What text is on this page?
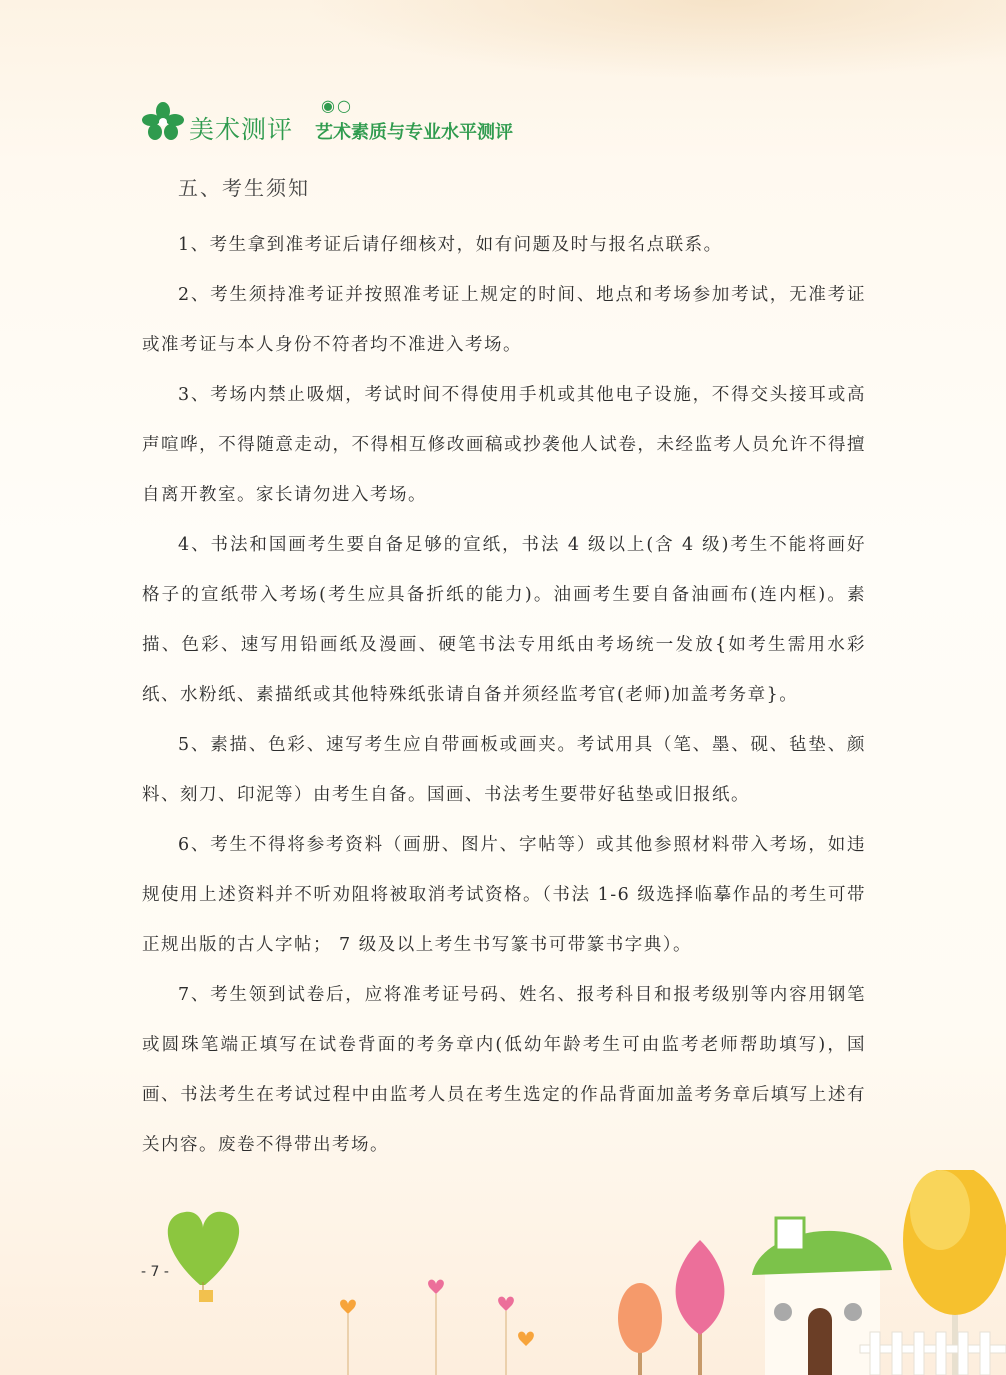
美术测评
◉○
艺术素质与专业水平测评

五、考生须知

1、考生拿到准考证后请仔细核对，如有问题及时与报名点联系。

2、考生须持准考证并按照准考证上规定的时间、地点和考场参加考试，无准考证或准考证与本人身份不符者均不准进入考场。

3、考场内禁止吸烟，考试时间不得使用手机或其他电子设施，不得交头接耳或高声喧哗，不得随意走动，不得相互修改画稿或抄袭他人试卷，未经监考人员允许不得擅自离开教室。家长请勿进入考场。

4、书法和国画考生要自备足够的宣纸，书法 4 级以上(含 4 级)考生不能将画好格子的宣纸带入考场(考生应具备折纸的能力)。油画考生要自备油画布(连内框)。素描、色彩、速写用铅画纸及漫画、硬笔书法专用纸由考场统一发放{如考生需用水彩纸、水粉纸、素描纸或其他特殊纸张请自备并须经监考官(老师)加盖考务章}。

5、素描、色彩、速写考生应自带画板或画夹。考试用具（笔、墨、砚、毡垫、颜料、刻刀、印泥等）由考生自备。国画、书法考生要带好毡垫或旧报纸。

6、考生不得将参考资料（画册、图片、字帖等）或其他参照材料带入考场，如违规使用上述资料并不听劝阻将被取消考试资格。（书法 1-6 级选择临摹作品的考生可带正规出版的古人字帖； 7 级及以上考生书写篆书可带篆书字典）。

7、考生领到试卷后，应将准考证号码、姓名、报考科目和报考级别等内容用钢笔或圆珠笔端正填写在试卷背面的考务章内(低幼年龄考生可由监考老师帮助填写)，国画、书法考生在考试过程中由监考人员在考生选定的作品背面加盖考务章后填写上述有关内容。废卷不得带出考场。

- 7 -
